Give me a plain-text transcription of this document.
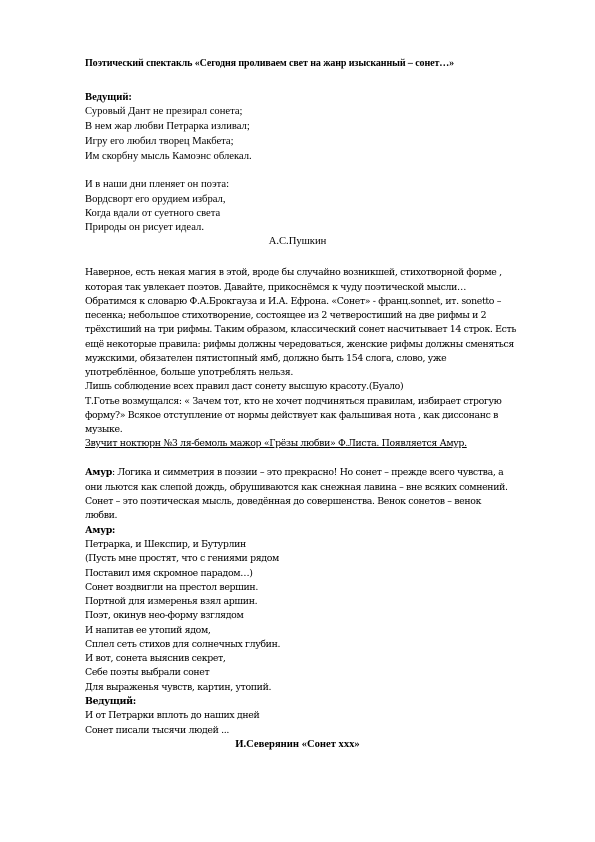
Поэтический спектакль «Сегодня проливаем свет на жанр изысканный – сонет…»
Ведущий:
Суровый Дант не презирал сонета;
В нем жар любви Петрарка изливал;
Игру его любил творец Макбета;
Им скорбну мысль Камоэнс облекал.
И в наши дни пленяет он поэта:
Вордсворт его орудием избрал,
Когда вдали от суетного света
Природы он рисует идеал.
А.С.Пушкин
Наверное, есть некая магия в этой, вроде бы случайно возникшей, стихотворной форме ,
которая так увлекает поэтов. Давайте, прикоснёмся к чуду поэтической мысли…
Обратимся к словарю Ф.А.Брокгауза и И.А. Ефрона. «Сонет» - франц.sonnet, ит. sonetto –
песенка; небольшое стихотворение, состоящее из 2 четверостиший на две рифмы и 2
трёхстиший на три рифмы. Таким образом, классический сонет насчитывает 14 строк. Есть
ещё некоторые правила: рифмы должны чередоваться, женские рифмы должны сменяться
мужскими, обязателен пятистопный ямб, должно быть 154 слога, слово, уже
употреблённое, больше употреблять нельзя.
Лишь соблюдение всех правил даст сонету высшую красоту.(Буало)
Т.Готье возмущался: « Зачем тот, кто не хочет подчиняться правилам, избирает строгую
форму?» Всякое отступление от нормы действует как фальшивая нота , как диссонанс в
музыке.
Звучит ноктюрн №3 ля-бемоль мажор «Грёзы любви» Ф.Листа. Появляется Амур.
Амур: Логика и симметрия в поэзии – это прекрасно! Но сонет – прежде всего чувства, а
они льются как слепой дождь, обрушиваются как снежная лавина – вне всяких сомнений.
Сонет – это поэтическая мысль, доведённая до совершенства. Венок сонетов – венок
любви.
Амур:
Петрарка, и Шекспир, и Бутурлин
(Пусть мне простят, что с гениями рядом
Поставил имя скромное парадом…)
Сонет воздвигли на престол вершин.
Портной для измеренья взял аршин.
Поэт, окинув нео-форму взглядом
И напитав ее утопий ядом,
Сплел сеть стихов для солнечных глубин.
И вот, сонета выяснив секрет,
Себе поэты выбрали сонет
Для выраженья чувств, картин, утопий.
Ведущий:
И от Петрарки вплоть до наших дней
Сонет писали тысячи людей ...
И.Северянин «Сонет ххх»
